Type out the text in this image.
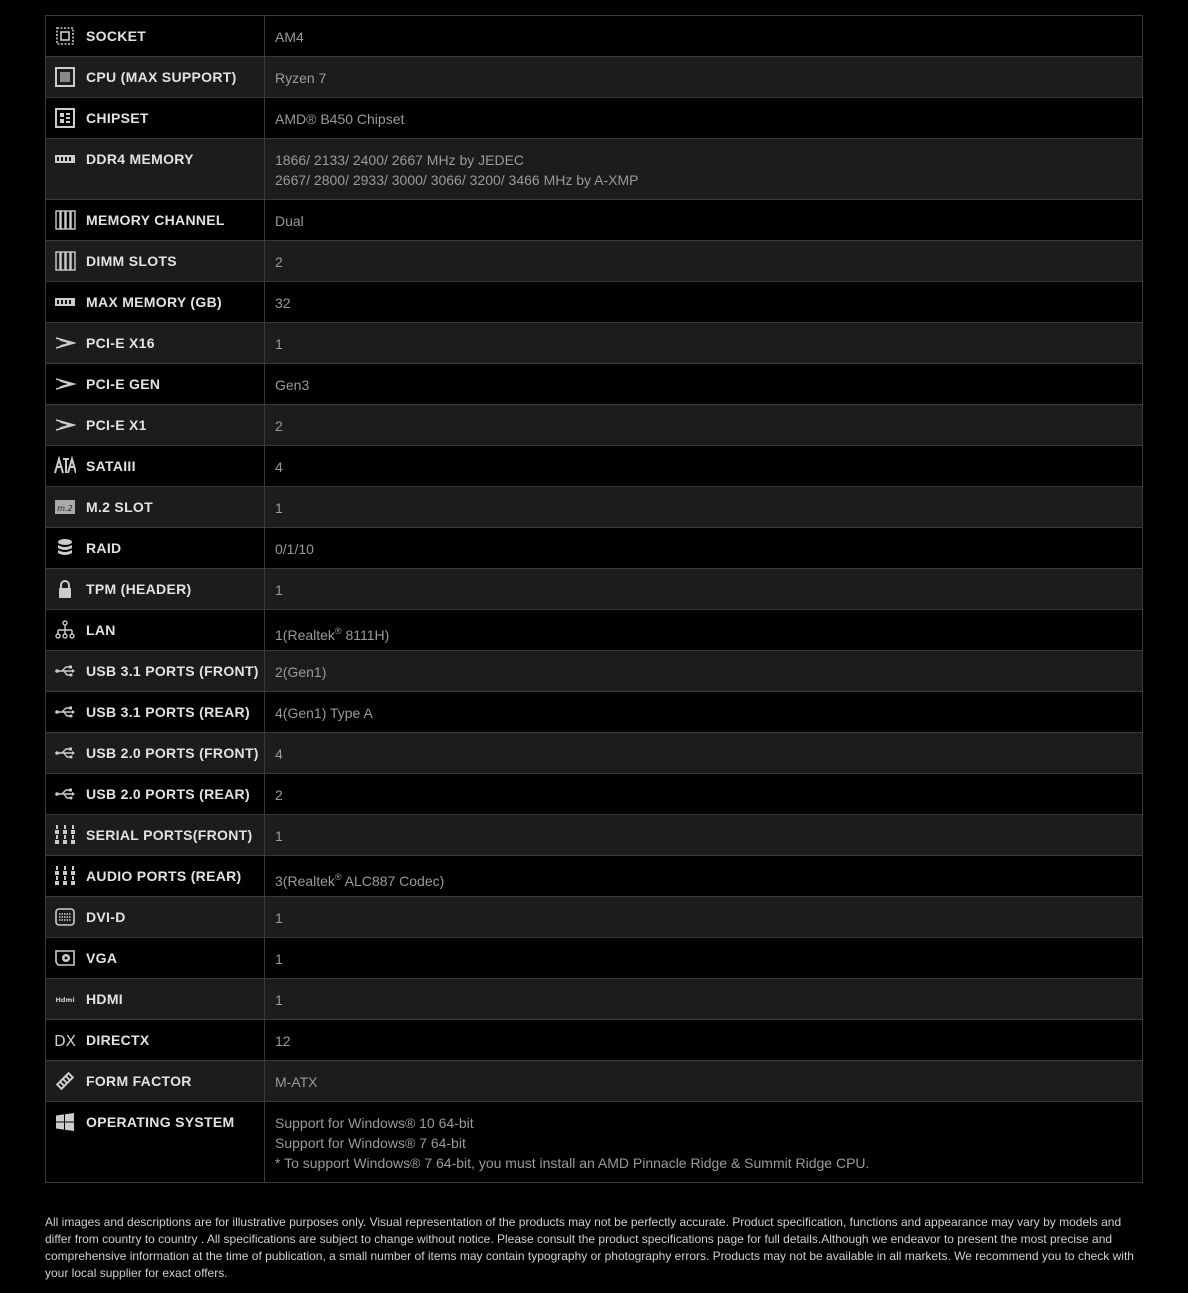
SOCKET	AM4

CPU (MAX SUPPORT)	Ryzen 7

CHIPSET	AMD® B450 Chipset

DDR4 MEMORY	1866/ 2133/ 2400/ 2667 MHz by JEDEC
2667/ 2800/ 2933/ 3000/ 3066/ 3200/ 3466 MHz by A-XMP

MEMORY CHANNEL	Dual

DIMM SLOTS	2

MAX MEMORY (GB)	32

PCI-E X16	1

PCI-E GEN	Gen3

PCI-E X1	2

SATAIII	4

m.2 M.2 SLOT	1

RAID	0/1/10

TPM (HEADER)	1

LAN	1(Realtek® 8111H)

USB 3.1 PORTS (FRONT)	2(Gen1)

USB 3.1 PORTS (REAR)	4(Gen1) Type A

USB 2.0 PORTS (FRONT)	4

USB 2.0 PORTS (REAR)	2

SERIAL PORTS(FRONT)	1

AUDIO PORTS (REAR)	3(Realtek® ALC887 Codec)

DVI-D	1

VGA	1

Hdmi HDMI	1

DX DIRECTX	12

FORM FACTOR	M-ATX

OPERATING SYSTEM	Support for Windows® 10 64-bit
Support for Windows® 7 64-bit
* To support Windows® 7 64-bit, you must install an AMD Pinnacle Ridge & Summit Ridge CPU.
All images and descriptions are for illustrative purposes only. Visual representation of the products may not be perfectly accurate. Product specification, functions and appearance may vary by models and differ from country to country . All specifications are subject to change without notice. Please consult the product specifications page for full details.Although we endeavor to present the most precise and comprehensive information at the time of publication, a small number of items may contain typography or photography errors. Products may not be available in all markets. We recommend you to check with your local supplier for exact offers.
